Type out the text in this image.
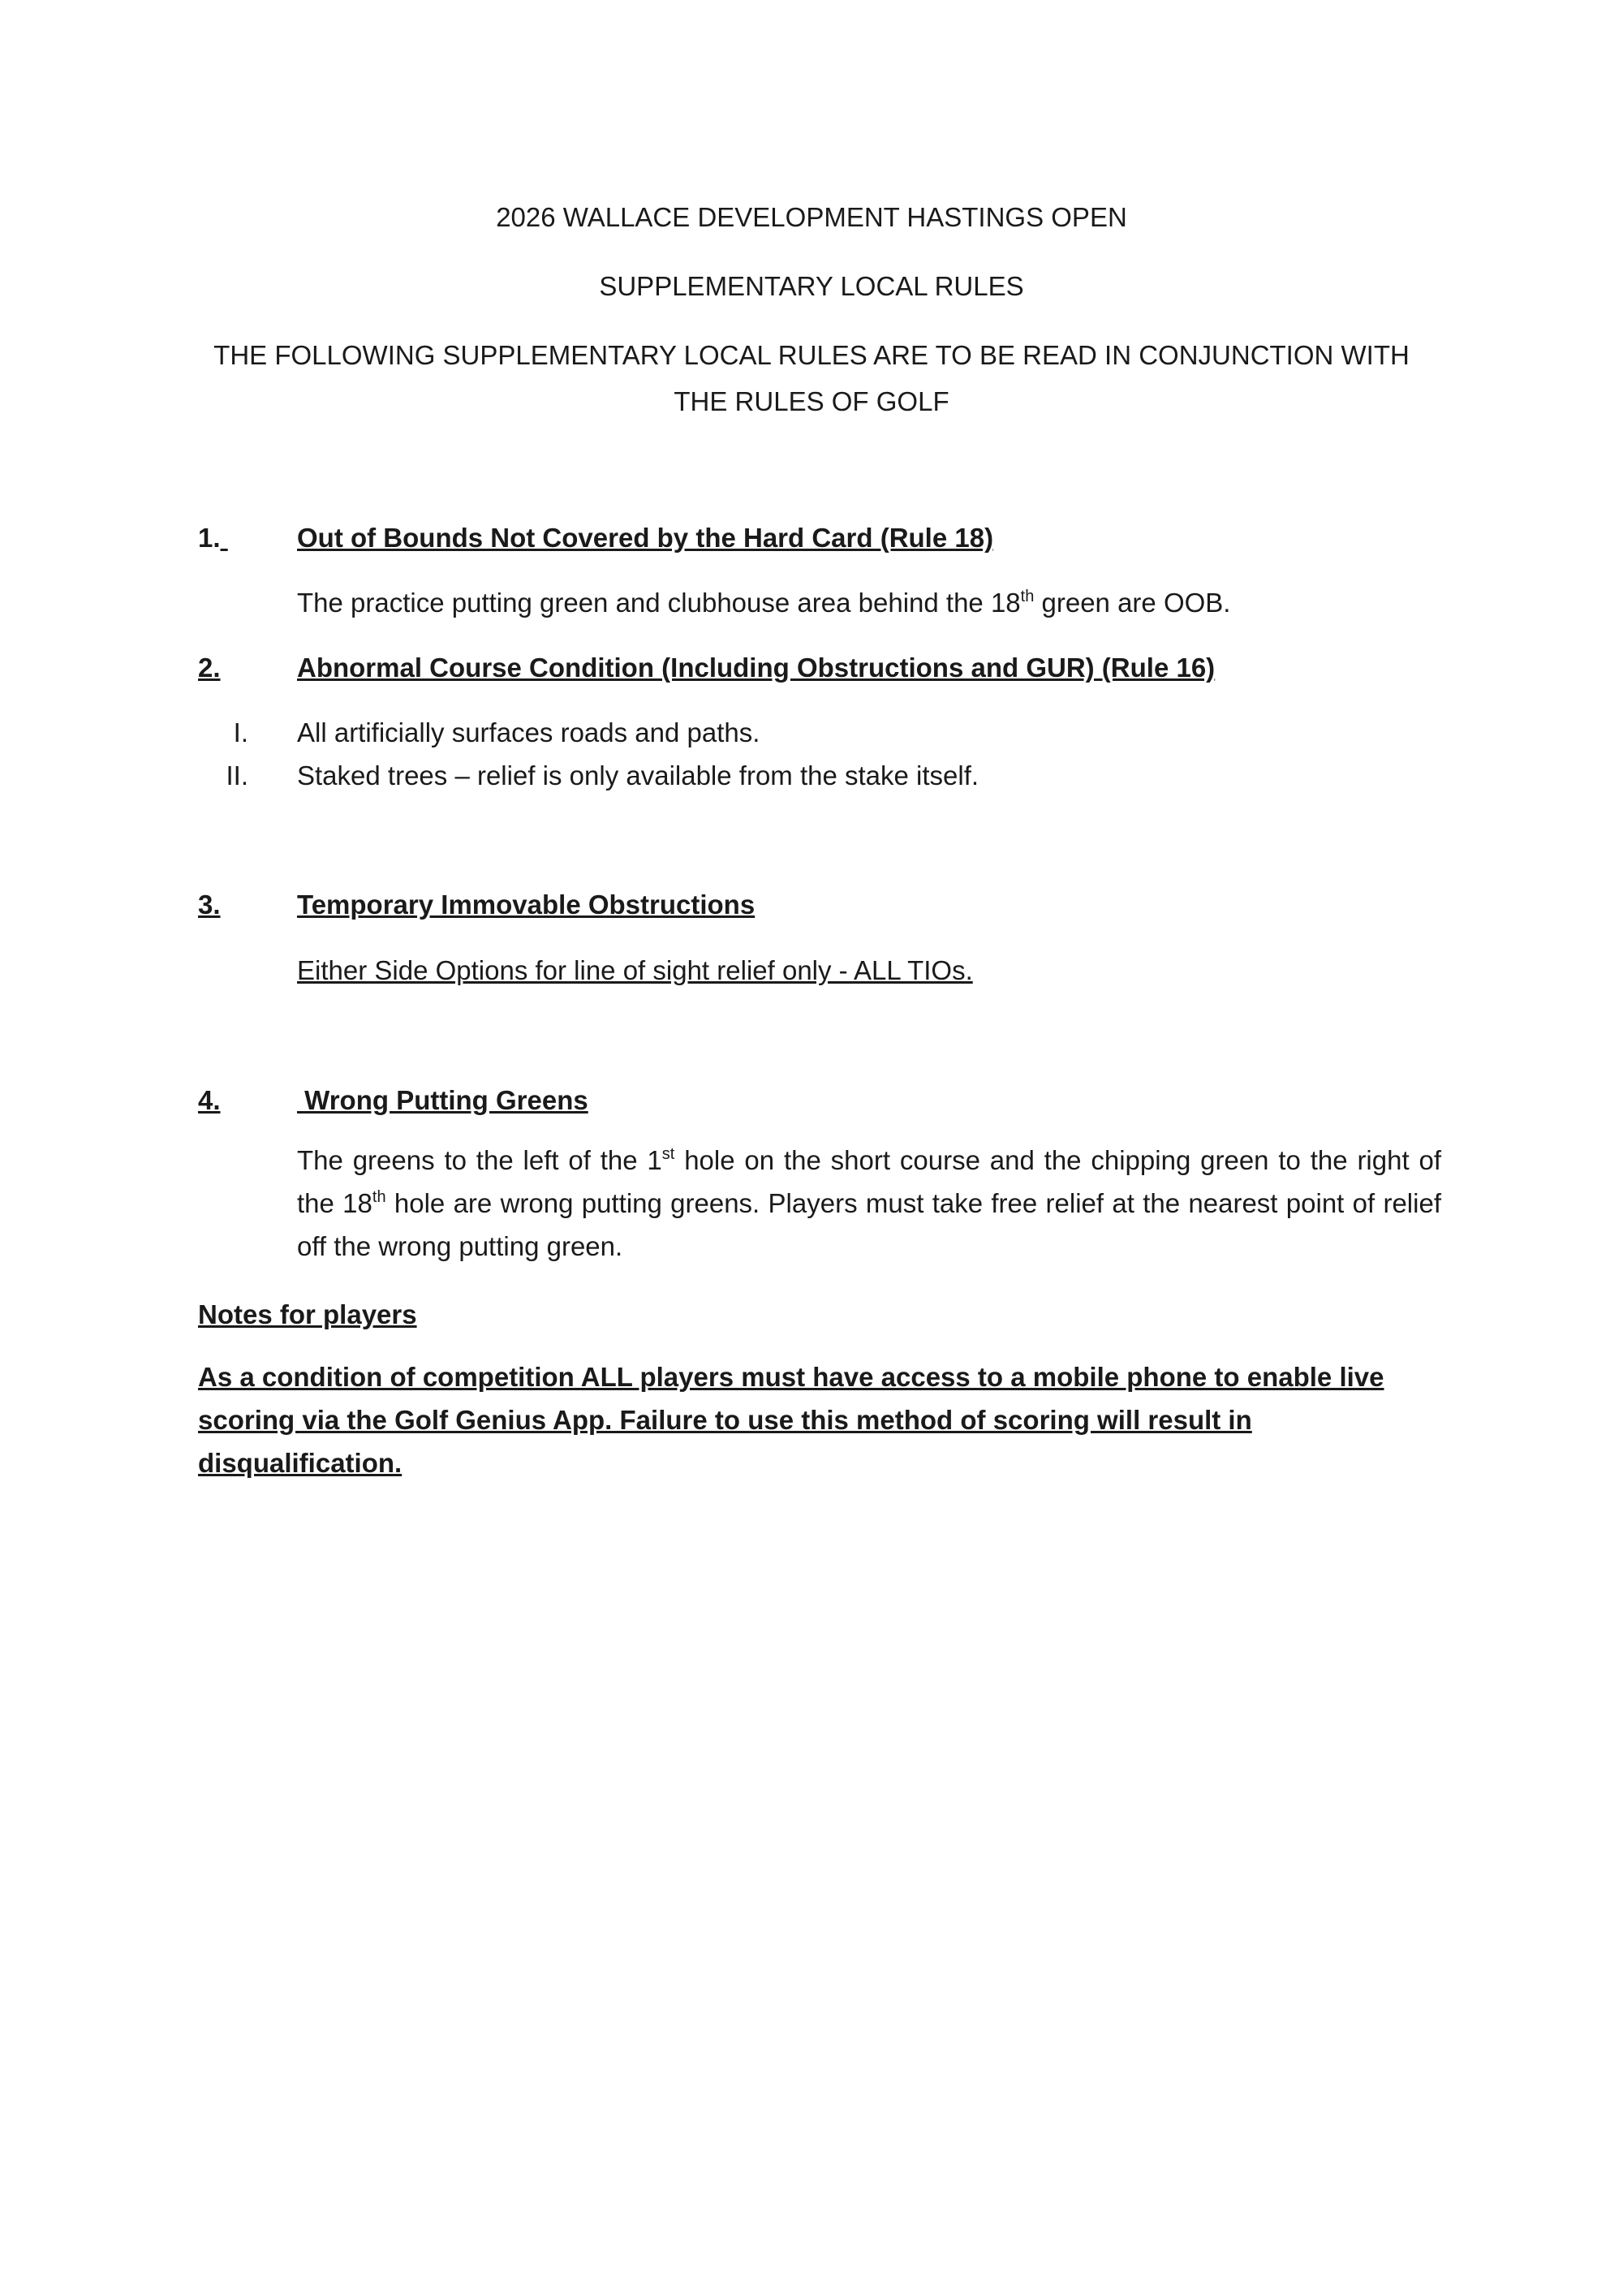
2026 WALLACE DEVELOPMENT HASTINGS OPEN
SUPPLEMENTARY LOCAL RULES
THE FOLLOWING SUPPLEMENTARY LOCAL RULES ARE TO BE READ IN CONJUNCTION WITH
THE RULES OF GOLF
1.	Out of Bounds Not Covered by the Hard Card (Rule 18)
The practice putting green and clubhouse area behind the 18th green are OOB.
2.	Abnormal Course Condition (Including Obstructions and GUR) (Rule 16)
I. All artificially surfaces roads and paths.
II. Staked trees – relief is only available from the stake itself.
3.	Temporary Immovable Obstructions
Either Side Options for line of sight relief only - ALL TIOs.
4.	Wrong Putting Greens
The greens to the left of the 1st hole on the short course and the chipping green to the right of the 18th hole are wrong putting greens. Players must take free relief at the nearest point of relief off the wrong putting green.
Notes for players
As a condition of competition ALL players must have access to a mobile phone to enable live scoring via the Golf Genius App. Failure to use this method of scoring will result in disqualification.
